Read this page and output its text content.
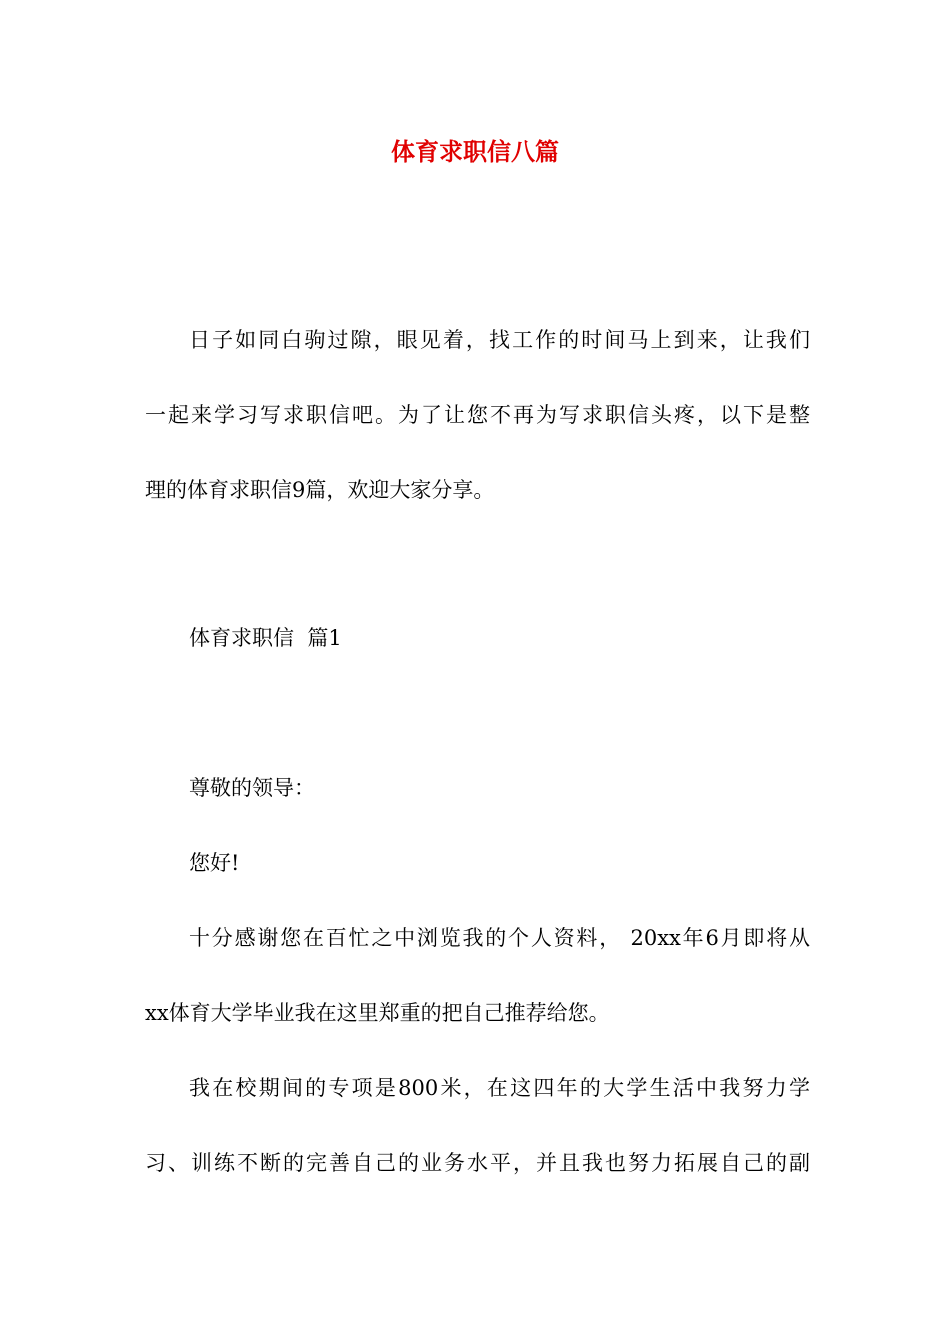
体育求职信八篇

日子如同白驹过隙，眼见着，找工作的时间马上到来，让我们

一起来学习写求职信吧。为了让您不再为写求职信头疼，以下是整

理的体育求职信9篇，欢迎大家分享。

体育求职信  篇1

尊敬的领导：

您好!

十分感谢您在百忙之中浏览我的个人资料， 20xx年6月即将从

xx体育大学毕业我在这里郑重的把自己推荐给您。

我在校期间的专项是800米，在这四年的大学生活中我努力学

习、训练不断的完善自己的业务水平，并且我也努力拓展自己的副
